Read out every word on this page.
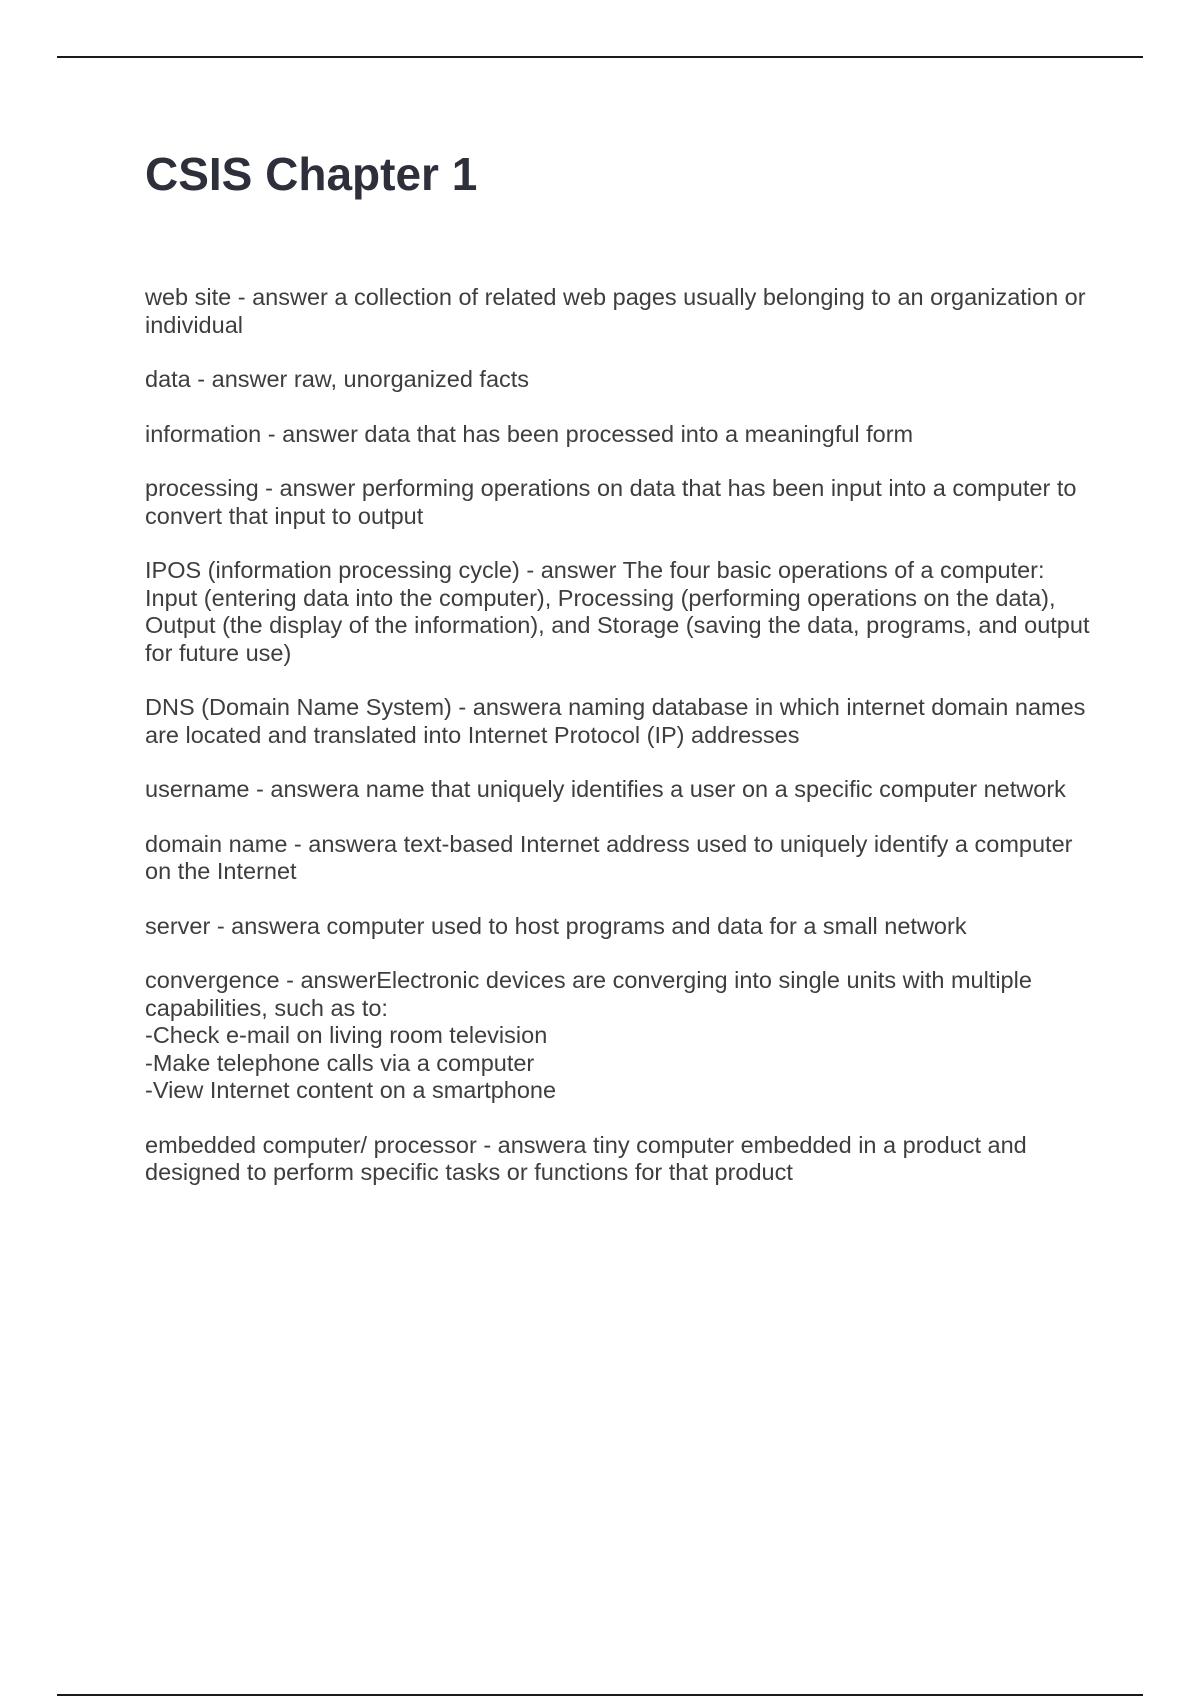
CSIS Chapter 1

web site - answer a collection of related web pages usually belonging to an organization or individual

data - answer raw, unorganized facts

information - answer data that has been processed into a meaningful form

processing - answer performing operations on data that has been input into a computer to convert that input to output

IPOS (information processing cycle) - answer The four basic operations of a computer: Input (entering data into the computer), Processing (performing operations on the data), Output (the display of the information), and Storage (saving the data, programs, and output for future use)

DNS (Domain Name System) - answera naming database in which internet domain names are located and translated into Internet Protocol (IP) addresses

username - answera name that uniquely identifies a user on a specific computer network

domain name - answera text-based Internet address used to uniquely identify a computer on the Internet

server - answera computer used to host programs and data for a small network

convergence - answerElectronic devices are converging into single units with multiple capabilities, such as to:
-Check e-mail on living room television
-Make telephone calls via a computer
-View Internet content on a smartphone

embedded computer/ processor - answera tiny computer embedded in a product and designed to perform specific tasks or functions for that product
